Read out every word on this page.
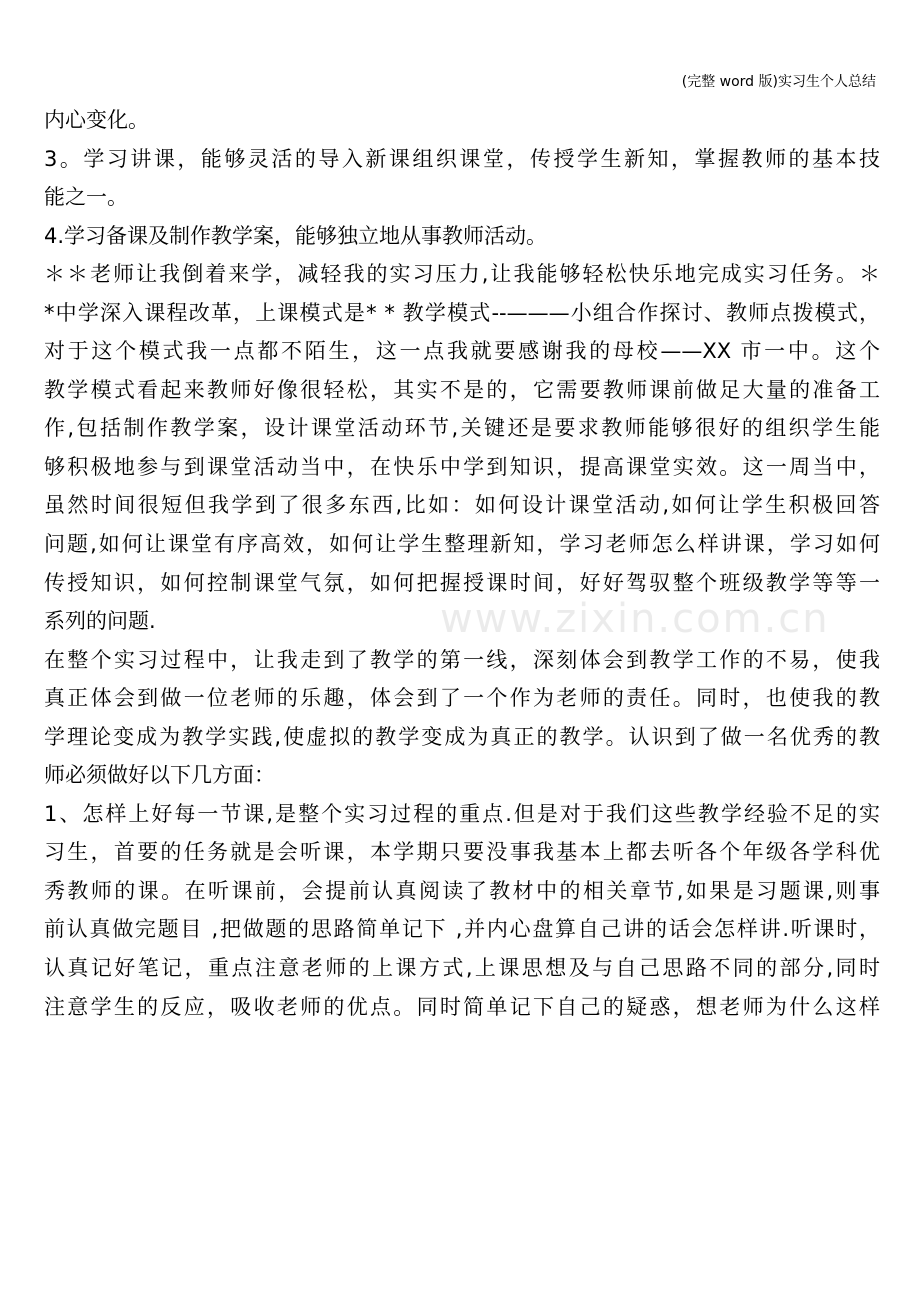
(完整 word 版)实习生个人总结
www.zixin.com.cn
内心变化。
3。学习讲课，能够灵活的导入新课组织课堂，传授学生新知，掌握教师的基本技
能之一。
4.学习备课及制作教学案，能够独立地从事教师活动。
＊＊老师让我倒着来学，减轻我的实习压力,让我能够轻松快乐地完成实习任务。＊
*中学深入课程改革，上课模式是* * 教学模式--———小组合作探讨、教师点拨模式，
对于这个模式我一点都不陌生，这一点我就要感谢我的母校——XX 市一中。这个
教学模式看起来教师好像很轻松，其实不是的，它需要教师课前做足大量的准备工
作,包括制作教学案，设计课堂活动环节,关键还是要求教师能够很好的组织学生能
够积极地参与到课堂活动当中，在快乐中学到知识，提高课堂实效。这一周当中，
虽然时间很短但我学到了很多东西,比如：如何设计课堂活动,如何让学生积极回答
问题,如何让课堂有序高效，如何让学生整理新知，学习老师怎么样讲课，学习如何
传授知识，如何控制课堂气氛，如何把握授课时间，好好驾驭整个班级教学等等一
系列的问题.
在整个实习过程中，让我走到了教学的第一线，深刻体会到教学工作的不易，使我
真正体会到做一位老师的乐趣，体会到了一个作为老师的责任。同时，也使我的教
学理论变成为教学实践,使虚拟的教学变成为真正的教学。认识到了做一名优秀的教
师必须做好以下几方面：
1、怎样上好每一节课,是整个实习过程的重点.但是对于我们这些教学经验不足的实
习生，首要的任务就是会听课，本学期只要没事我基本上都去听各个年级各学科优
秀教师的课。在听课前，会提前认真阅读了教材中的相关章节,如果是习题课,则事
前认真做完题目 ,把做题的思路简单记下 ,并内心盘算自己讲的话会怎样讲.听课时，
认真记好笔记，重点注意老师的上课方式,上课思想及与自己思路不同的部分,同时
注意学生的反应，吸收老师的优点。同时简单记下自己的疑惑，想老师为什么这样
